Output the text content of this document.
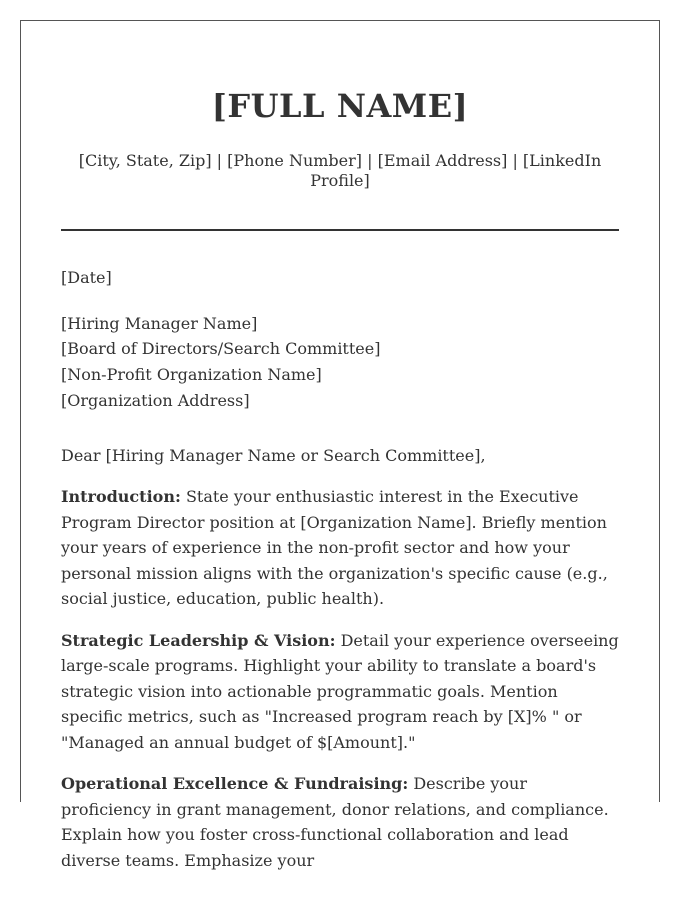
[FULL NAME]
[City, State, Zip] | [Phone Number] | [Email Address] | [LinkedIn Profile]
[Date]
[Hiring Manager Name]
[Board of Directors/Search Committee]
[Non-Profit Organization Name]
[Organization Address]
Dear [Hiring Manager Name or Search Committee],
Introduction: State your enthusiastic interest in the Executive Program Director position at [Organization Name]. Briefly mention your years of experience in the non-profit sector and how your personal mission aligns with the organization's specific cause (e.g., social justice, education, public health).
Strategic Leadership & Vision: Detail your experience overseeing large-scale programs. Highlight your ability to translate a board's strategic vision into actionable programmatic goals. Mention specific metrics, such as "Increased program reach by [X]% " or "Managed an annual budget of $[Amount]."
Operational Excellence & Fundraising: Describe your proficiency in grant management, donor relations, and compliance. Explain how you foster cross-functional collaboration and lead diverse teams. Emphasize your
